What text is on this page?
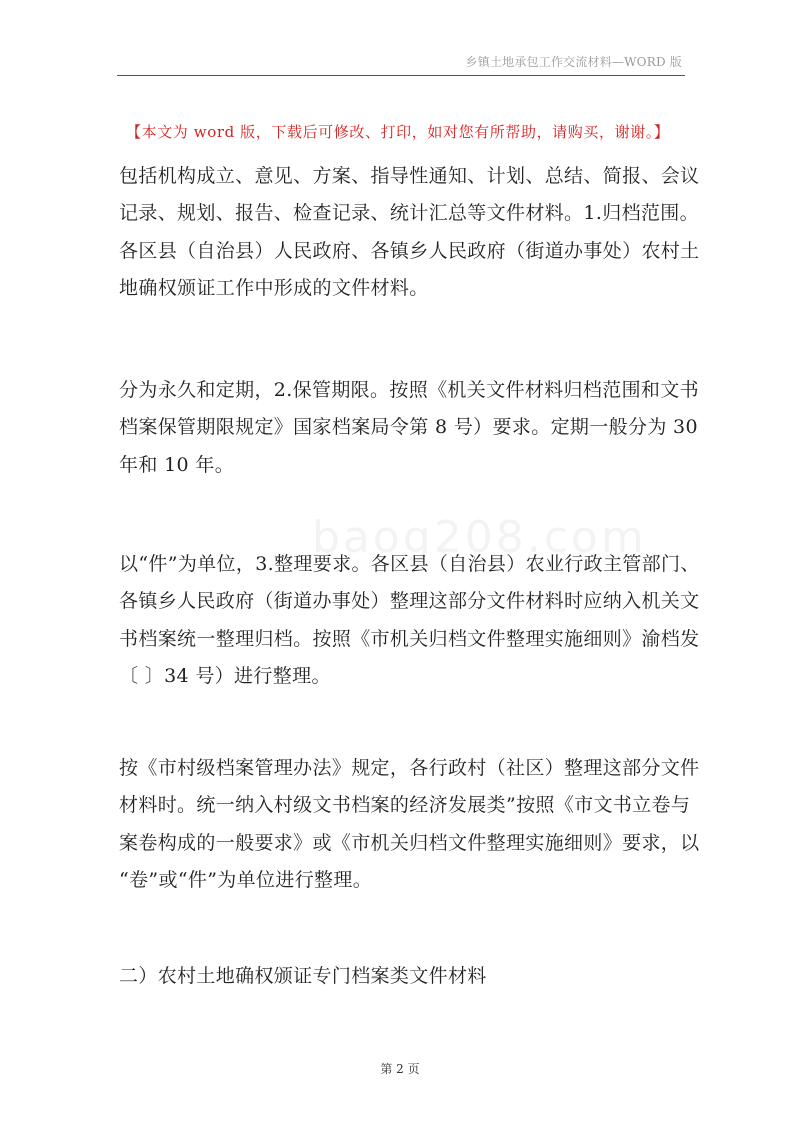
乡镇土地承包工作交流材料—WORD 版
【本文为 word 版，下载后可修改、打印，如对您有所帮助，请购买，谢谢。】
baog208.com
包括机构成立、意见、方案、指导性通知、计划、总结、简报、会议
记录、规划、报告、检查记录、统计汇总等文件材料。1.归档范围。
各区县（自治县）人民政府、各镇乡人民政府（街道办事处）农村土
地确权颁证工作中形成的文件材料。
分为永久和定期，2.保管期限。按照《机关文件材料归档范围和文书
档案保管期限规定》国家档案局令第 8 号）要求。定期一般分为 30
年和 10 年。
以“件”为单位，3.整理要求。各区县（自治县）农业行政主管部门、
各镇乡人民政府（街道办事处）整理这部分文件材料时应纳入机关文
书档案统一整理归档。按照《市机关归档文件整理实施细则》渝档发
〔 〕34 号）进行整理。
按《市村级档案管理办法》规定，各行政村（社区）整理这部分文件
材料时。统一纳入村级文书档案的经济发展类”按照《市文书立卷与
案卷构成的一般要求》或《市机关归档文件整理实施细则》要求，以
“卷”或“件”为单位进行整理。
二）农村土地确权颁证专门档案类文件材料
第 2 页
